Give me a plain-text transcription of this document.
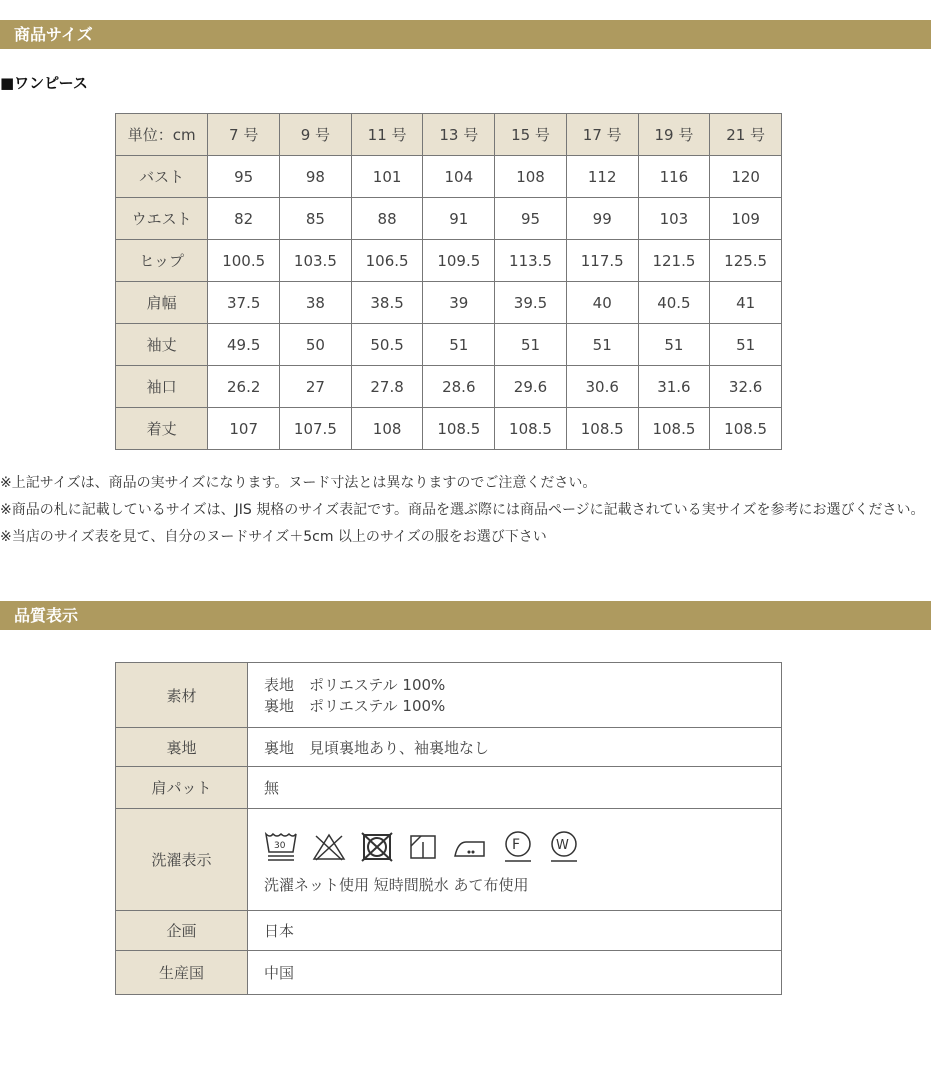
商品サイズ
■ワンピース
単位：cm	7 号	9 号	11 号	13 号	15 号	17 号	19 号	21 号
バスト	95	98	101	104	108	112	116	120
ウエスト	82	85	88	91	95	99	103	109
ヒップ	100.5	103.5	106.5	109.5	113.5	117.5	121.5	125.5
肩幅	37.5	38	38.5	39	39.5	40	40.5	41
袖丈	49.5	50	50.5	51	51	51	51	51
袖口	26.2	27	27.8	28.6	29.6	30.6	31.6	32.6
着丈	107	107.5	108	108.5	108.5	108.5	108.5	108.5
品質表示
※上記サイズは、商品の実サイズになります。ヌード寸法とは異なりますのでご注意ください。
※商品の札に記載しているサイズは、JIS 規格のサイズ表記です。商品を選ぶ際には商品ページに記載されている実サイズを参考にお選びください。
※当店のサイズ表を見て、自分のヌードサイズ＋5cm 以上のサイズの服をお選び下さい
素材	表地　ポリエステル 100%
裏地　ポリエステル 100%

裏地	裏地　見頃裏地あり、袖裏地なし
肩パット	無
洗濯表示	30 F W
洗濯ネット使用 短時間脱水 あて布使用

企画	日本
生産国	中国
